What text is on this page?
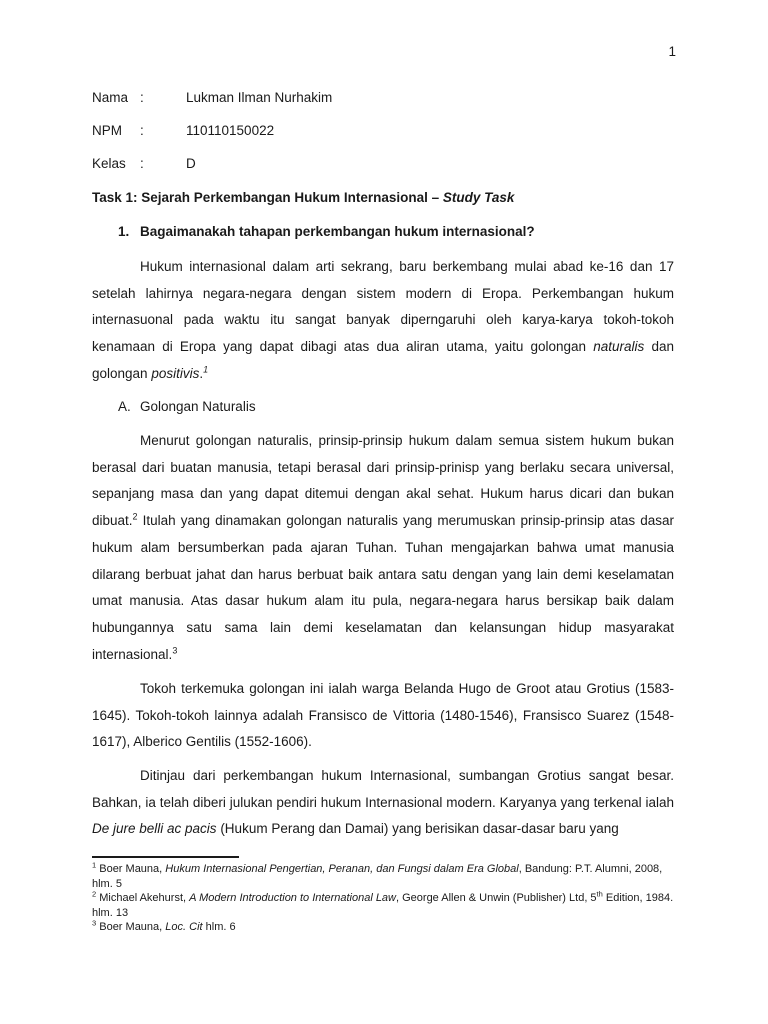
1
Nama :	Lukman Ilman Nurhakim
NPM	:	110110150022
Kelas	:	D
Task 1: Sejarah Perkembangan Hukum Internasional – Study Task
1. Bagaimanakah tahapan perkembangan hukum internasional?

Hukum internasional dalam arti sekrang, baru berkembang mulai abad ke-16 dan 17 setelah lahirnya negara-negara dengan sistem modern di Eropa. Perkembangan hukum internasuonal pada waktu itu sangat banyak diperngaruhi oleh karya-karya tokoh-tokoh kenamaan di Eropa yang dapat dibagi atas dua aliran utama, yaitu golongan naturalis dan golongan positivis.$^1$

A. Golongan Naturalis

Menurut golongan naturalis, prinsip-prinsip hukum dalam semua sistem hukum bukan berasal dari buatan manusia, tetapi berasal dari prinsip-prinisp yang berlaku secara universal, sepanjang masa dan yang dapat ditemui dengan akal sehat. Hukum harus dicari dan bukan dibuat.$^2$ Itulah yang dinamakan golongan naturalis yang merumuskan prinsip-prinsip atas dasar hukum alam bersumberkan pada ajaran Tuhan. Tuhan mengajarkan bahwa umat manusia dilarang berbuat jahat dan harus berbuat baik antara satu dengan yang lain demi keselamatan umat manusia. Atas dasar hukum alam itu pula, negara-negara harus bersikap baik dalam hubungannya satu sama lain demi keselamatan dan kelansungan hidup masyarakat internasional.$^3$

Tokoh terkemuka golongan ini ialah warga Belanda Hugo de Groot atau Grotius (1583-1645). Tokoh-tokoh lainnya adalah Fransisco de Vittoria (1480-1546), Fransisco Suarez (1548-1617), Alberico Gentilis (1552-1606).

Ditinjau dari perkembangan hukum Internasional, sumbangan Grotius sangat besar. Bahkan, ia telah diberi julukan pendiri hukum Internasional modern. Karyanya yang terkenal ialah De jure belli ac pacis (Hukum Perang dan Damai) yang berisikan dasar-dasar baru yang

$^1$ Boer Mauna, Hukum Internasional Pengertian, Peranan, dan Fungsi dalam Era Global, Bandung: P.T. Alumni, 2008, hlm. 5

$^2$ Michael Akehurst, A Modern Introduction to International Law, George Allen & Unwin (Publisher) Ltd, 5th Edition, 1984. hlm. 13

$^3$ Boer Mauna, Loc. Cit hlm. 6
